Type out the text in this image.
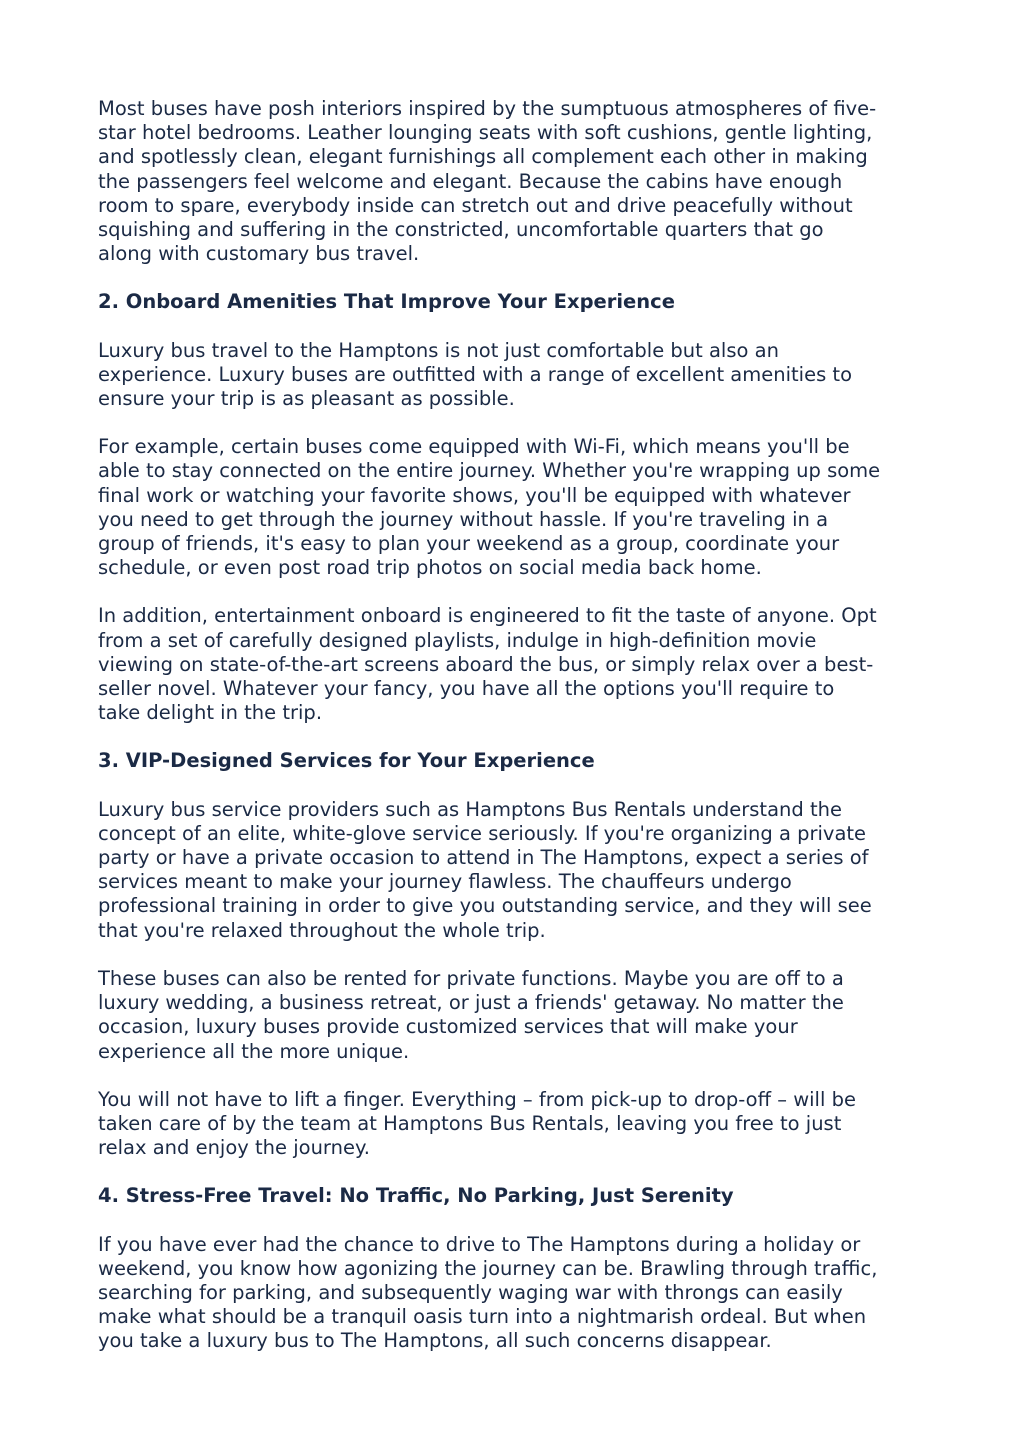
Most buses have posh interiors inspired by the sumptuous atmospheres of five-
star hotel bedrooms. Leather lounging seats with soft cushions, gentle lighting,
and spotlessly clean, elegant furnishings all complement each other in making
the passengers feel welcome and elegant. Because the cabins have enough
room to spare, everybody inside can stretch out and drive peacefully without
squishing and suffering in the constricted, uncomfortable quarters that go
along with customary bus travel.
2. Onboard Amenities That Improve Your Experience
Luxury bus travel to the Hamptons is not just comfortable but also an
experience. Luxury buses are outfitted with a range of excellent amenities to
ensure your trip is as pleasant as possible.
For example, certain buses come equipped with Wi-Fi, which means you'll be
able to stay connected on the entire journey. Whether you're wrapping up some
final work or watching your favorite shows, you'll be equipped with whatever
you need to get through the journey without hassle. If you're traveling in a
group of friends, it's easy to plan your weekend as a group, coordinate your
schedule, or even post road trip photos on social media back home.
In addition, entertainment onboard is engineered to fit the taste of anyone. Opt
from a set of carefully designed playlists, indulge in high-definition movie
viewing on state-of-the-art screens aboard the bus, or simply relax over a best-
seller novel. Whatever your fancy, you have all the options you'll require to
take delight in the trip.
3. VIP-Designed Services for Your Experience
Luxury bus service providers such as Hamptons Bus Rentals understand the
concept of an elite, white-glove service seriously. If you're organizing a private
party or have a private occasion to attend in The Hamptons, expect a series of
services meant to make your journey flawless. The chauffeurs undergo
professional training in order to give you outstanding service, and they will see
that you're relaxed throughout the whole trip.
These buses can also be rented for private functions. Maybe you are off to a
luxury wedding, a business retreat, or just a friends' getaway. No matter the
occasion, luxury buses provide customized services that will make your
experience all the more unique.
You will not have to lift a finger. Everything – from pick-up to drop-off – will be
taken care of by the team at Hamptons Bus Rentals, leaving you free to just
relax and enjoy the journey.
4. Stress-Free Travel: No Traffic, No Parking, Just Serenity
If you have ever had the chance to drive to The Hamptons during a holiday or
weekend, you know how agonizing the journey can be. Brawling through traffic,
searching for parking, and subsequently waging war with throngs can easily
make what should be a tranquil oasis turn into a nightmarish ordeal. But when
you take a luxury bus to The Hamptons, all such concerns disappear.
